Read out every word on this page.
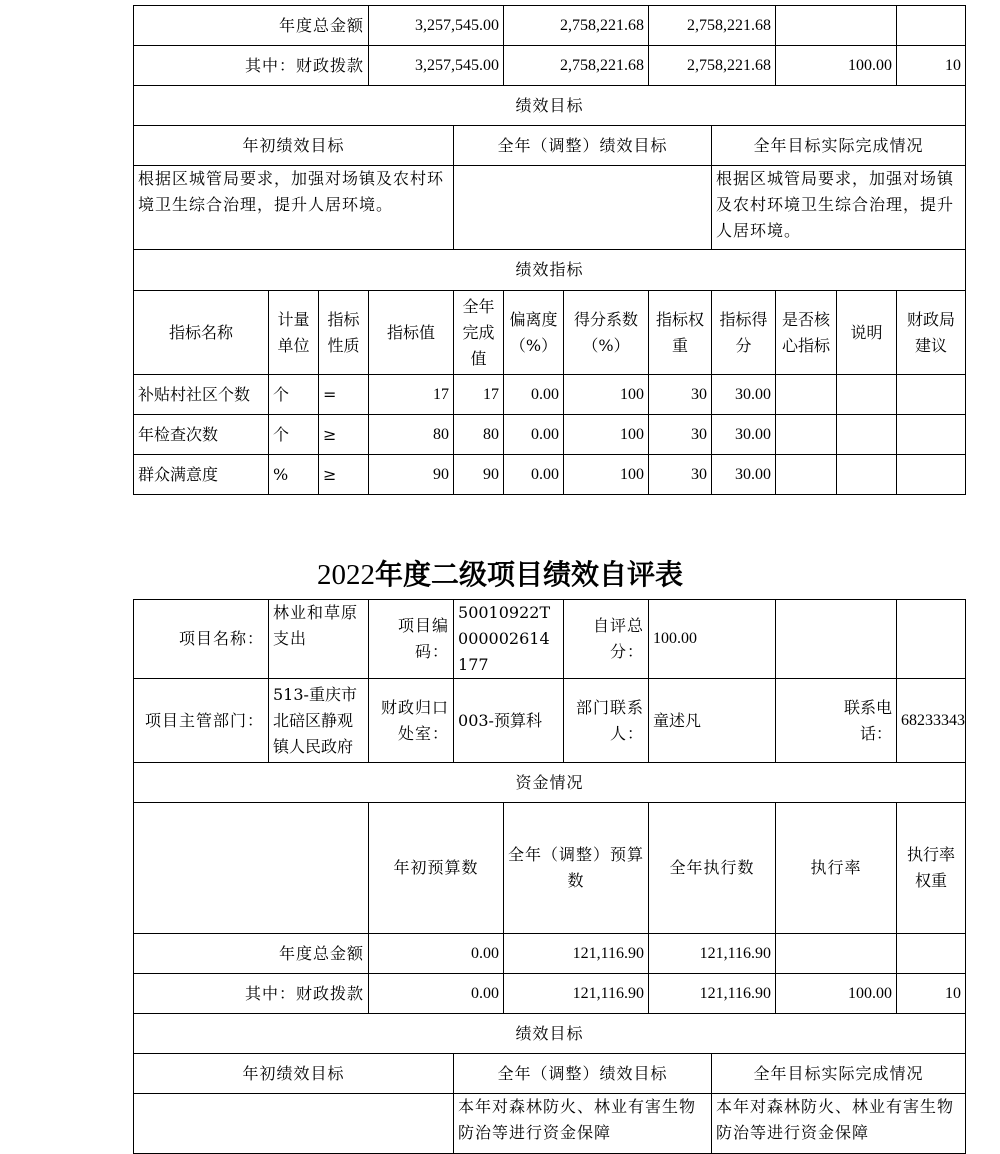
年度总金额			3,257,545.00		2,758,221.68		2,758,221.68					
其中：财政拨款			3,257,545.00		2,758,221.68		2,758,221.68		100.00		10	
绩效目标												
年初绩效目标				全年（调整）绩效目标				全年目标实际完成情况				
根据区城管局要求，加强对场镇及农村环境卫生综合治理，提升人居环境。								根据区城管局要求，加强对场镇及农村环境卫生综合治理，提升人居环境。				
绩效指标												
指标名称	计量单位	指标性质	指标值	全年完成值	偏离度（%）	得分系数（%）	指标权重	指标得分	是否核心指标	说明	财政局建议	
补贴村社区个数	个	=	17	17	0.00	100	30	30.00				
年检查次数	个	≥	80	80	0.00	100	30	30.00				
群众满意度	%	≥	90	90	0.00	100	30	30.00				
2022年度二级项目绩效自评表
项目名称：	林业和草原支出	项目编码：	50010922T000002614177		自评总分：	100.00				
项目主管部门：	513-重庆市北碚区静观镇人民政府	财政归口处室：	003-预算科		部门联系人：	童述凡		联系电话：	68233343	
资金情况										
		年初预算数		全年（调整）预算数		全年执行数		执行率	执行率权重	
年度总金额		0.00		121,116.90		121,116.90				
其中：财政拨款		0.00		121,116.90		121,116.90		100.00	10	
绩效目标										
年初绩效目标			全年（调整）绩效目标				全年目标实际完成情况			
			本年对森林防火、林业有害生物防治等进行资金保障				本年对森林防火、林业有害生物防治等进行资金保障			
